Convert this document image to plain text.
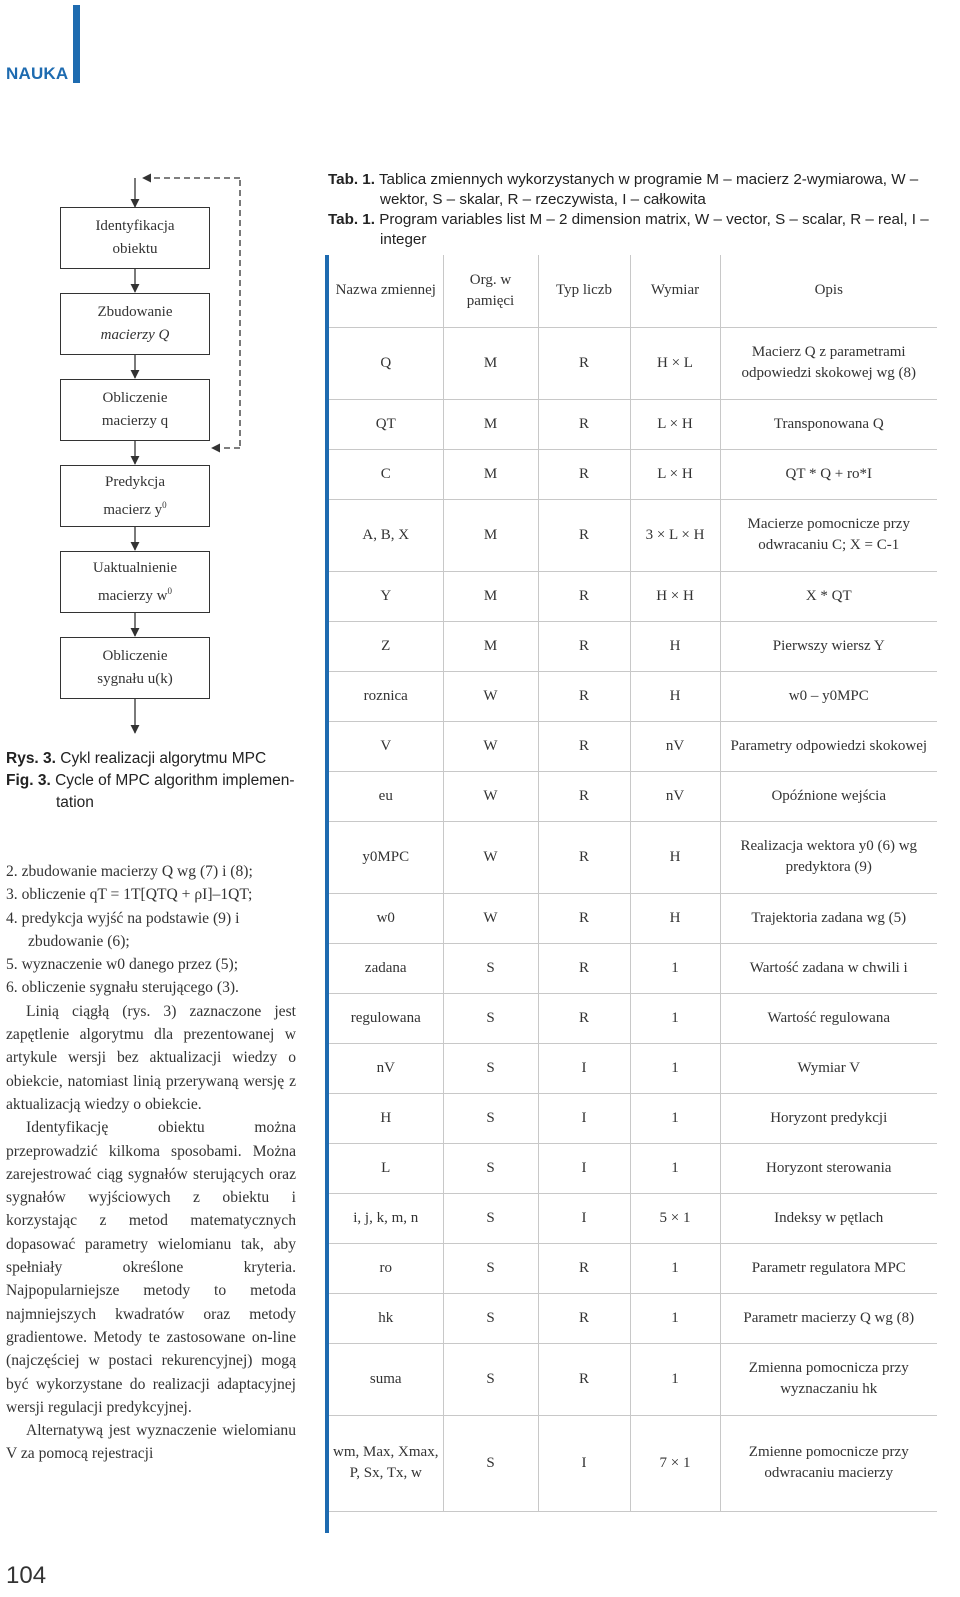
NAUKA
Identyfikacja
obiektu
Zbudowanie
macierzy Q
Obliczenie
macierzy q
Predykcja
macierz $y^0$
Uaktualnienie
macierzy $w^0$
Obliczenie
sygnału u(k)
Rys. 3. Cykl realizacji algorytmu MPC
Fig. 3. Cycle of MPC algorithm implemen-
tation
2. zbudowanie macierzy Q wg (7) i (8);
3. obliczenie qT = 1T[QTQ + ρI]–1QT;
4. predykcja wyjść na podstawie (9) i zbudowanie (6);
5. wyznaczenie w0 danego przez (5);
6. obliczenie sygnału sterującego (3).

Linią ciągłą (rys. 3) zaznaczone jest zapętlenie algorytmu dla prezentowanej w artykule wersji bez aktualizacji wiedzy o obiekcie, natomiast linią przerywaną wersję z aktualizacją wiedzy o obiekcie.

Identyfikację obiektu można przeprowadzić kilkoma sposobami. Można zarejestrować ciąg sygnałów sterujących oraz sygnałów wyjściowych z obiektu i korzystając z metod matematycznych dopasować parametry wielomianu tak, aby spełniały określone kryteria. Najpopularniejsze metody to metoda najmniejszych kwadratów oraz metody gradientowe. Metody te zastosowane on-line (najczęściej w postaci rekurencyjnej) mogą być wykorzystane do realizacji adaptacyjnej wersji regulacji predykcyjnej.

Alternatywą jest wyznaczenie wielomianu V za pomocą rejestracji

Tab. 1. Tablica zmiennych wykorzystanych w programie M – macierz 2-wymiarowa, W – wektor, S – skalar, R – rzeczywista, I – całkowita
Tab. 1. Program variables list M – 2 dimension matrix, W – vector, S – scalar, R – real, I – integer
Nazwa zmiennej	Org. w pamięci	Typ liczb	Wymiar	Opis
Q	M	R	H × L	Macierz Q z parametrami odpowiedzi skokowej wg (8)
QT	M	R	L × H	Transponowana Q
C	M	R	L × H	QT * Q + ro*I
A, B, X	M	R	3 × L × H	Macierze pomocnicze przy odwracaniu C; X = C-1
Y	M	R	H × H	X * QT
Z	M	R	H	Pierwszy wiersz Y
roznica	W	R	H	w0 – y0MPC
V	W	R	nV	Parametry odpowiedzi skokowej
eu	W	R	nV	Opóźnione wejścia
y0MPC	W	R	H	Realizacja wektora y0 (6) wg predyktora (9)
w0	W	R	H	Trajektoria zadana wg (5)
zadana	S	R	1	Wartość zadana w chwili i
regulowana	S	R	1	Wartość regulowana
nV	S	I	1	Wymiar V
H	S	I	1	Horyzont predykcji
L	S	I	1	Horyzont sterowania
i, j, k, m, n	S	I	5 × 1	Indeksy w pętlach
ro	S	R	1	Parametr regulatora MPC
hk	S	R	1	Parametr macierzy Q wg (8)
suma	S	R	1	Zmienna pomocnicza przy wyznaczaniu hk
wm, Max, Xmax, P, Sx, Tx, w	S	I	7 × 1	Zmienne pomocnicze przy odwracaniu macierzy
104
